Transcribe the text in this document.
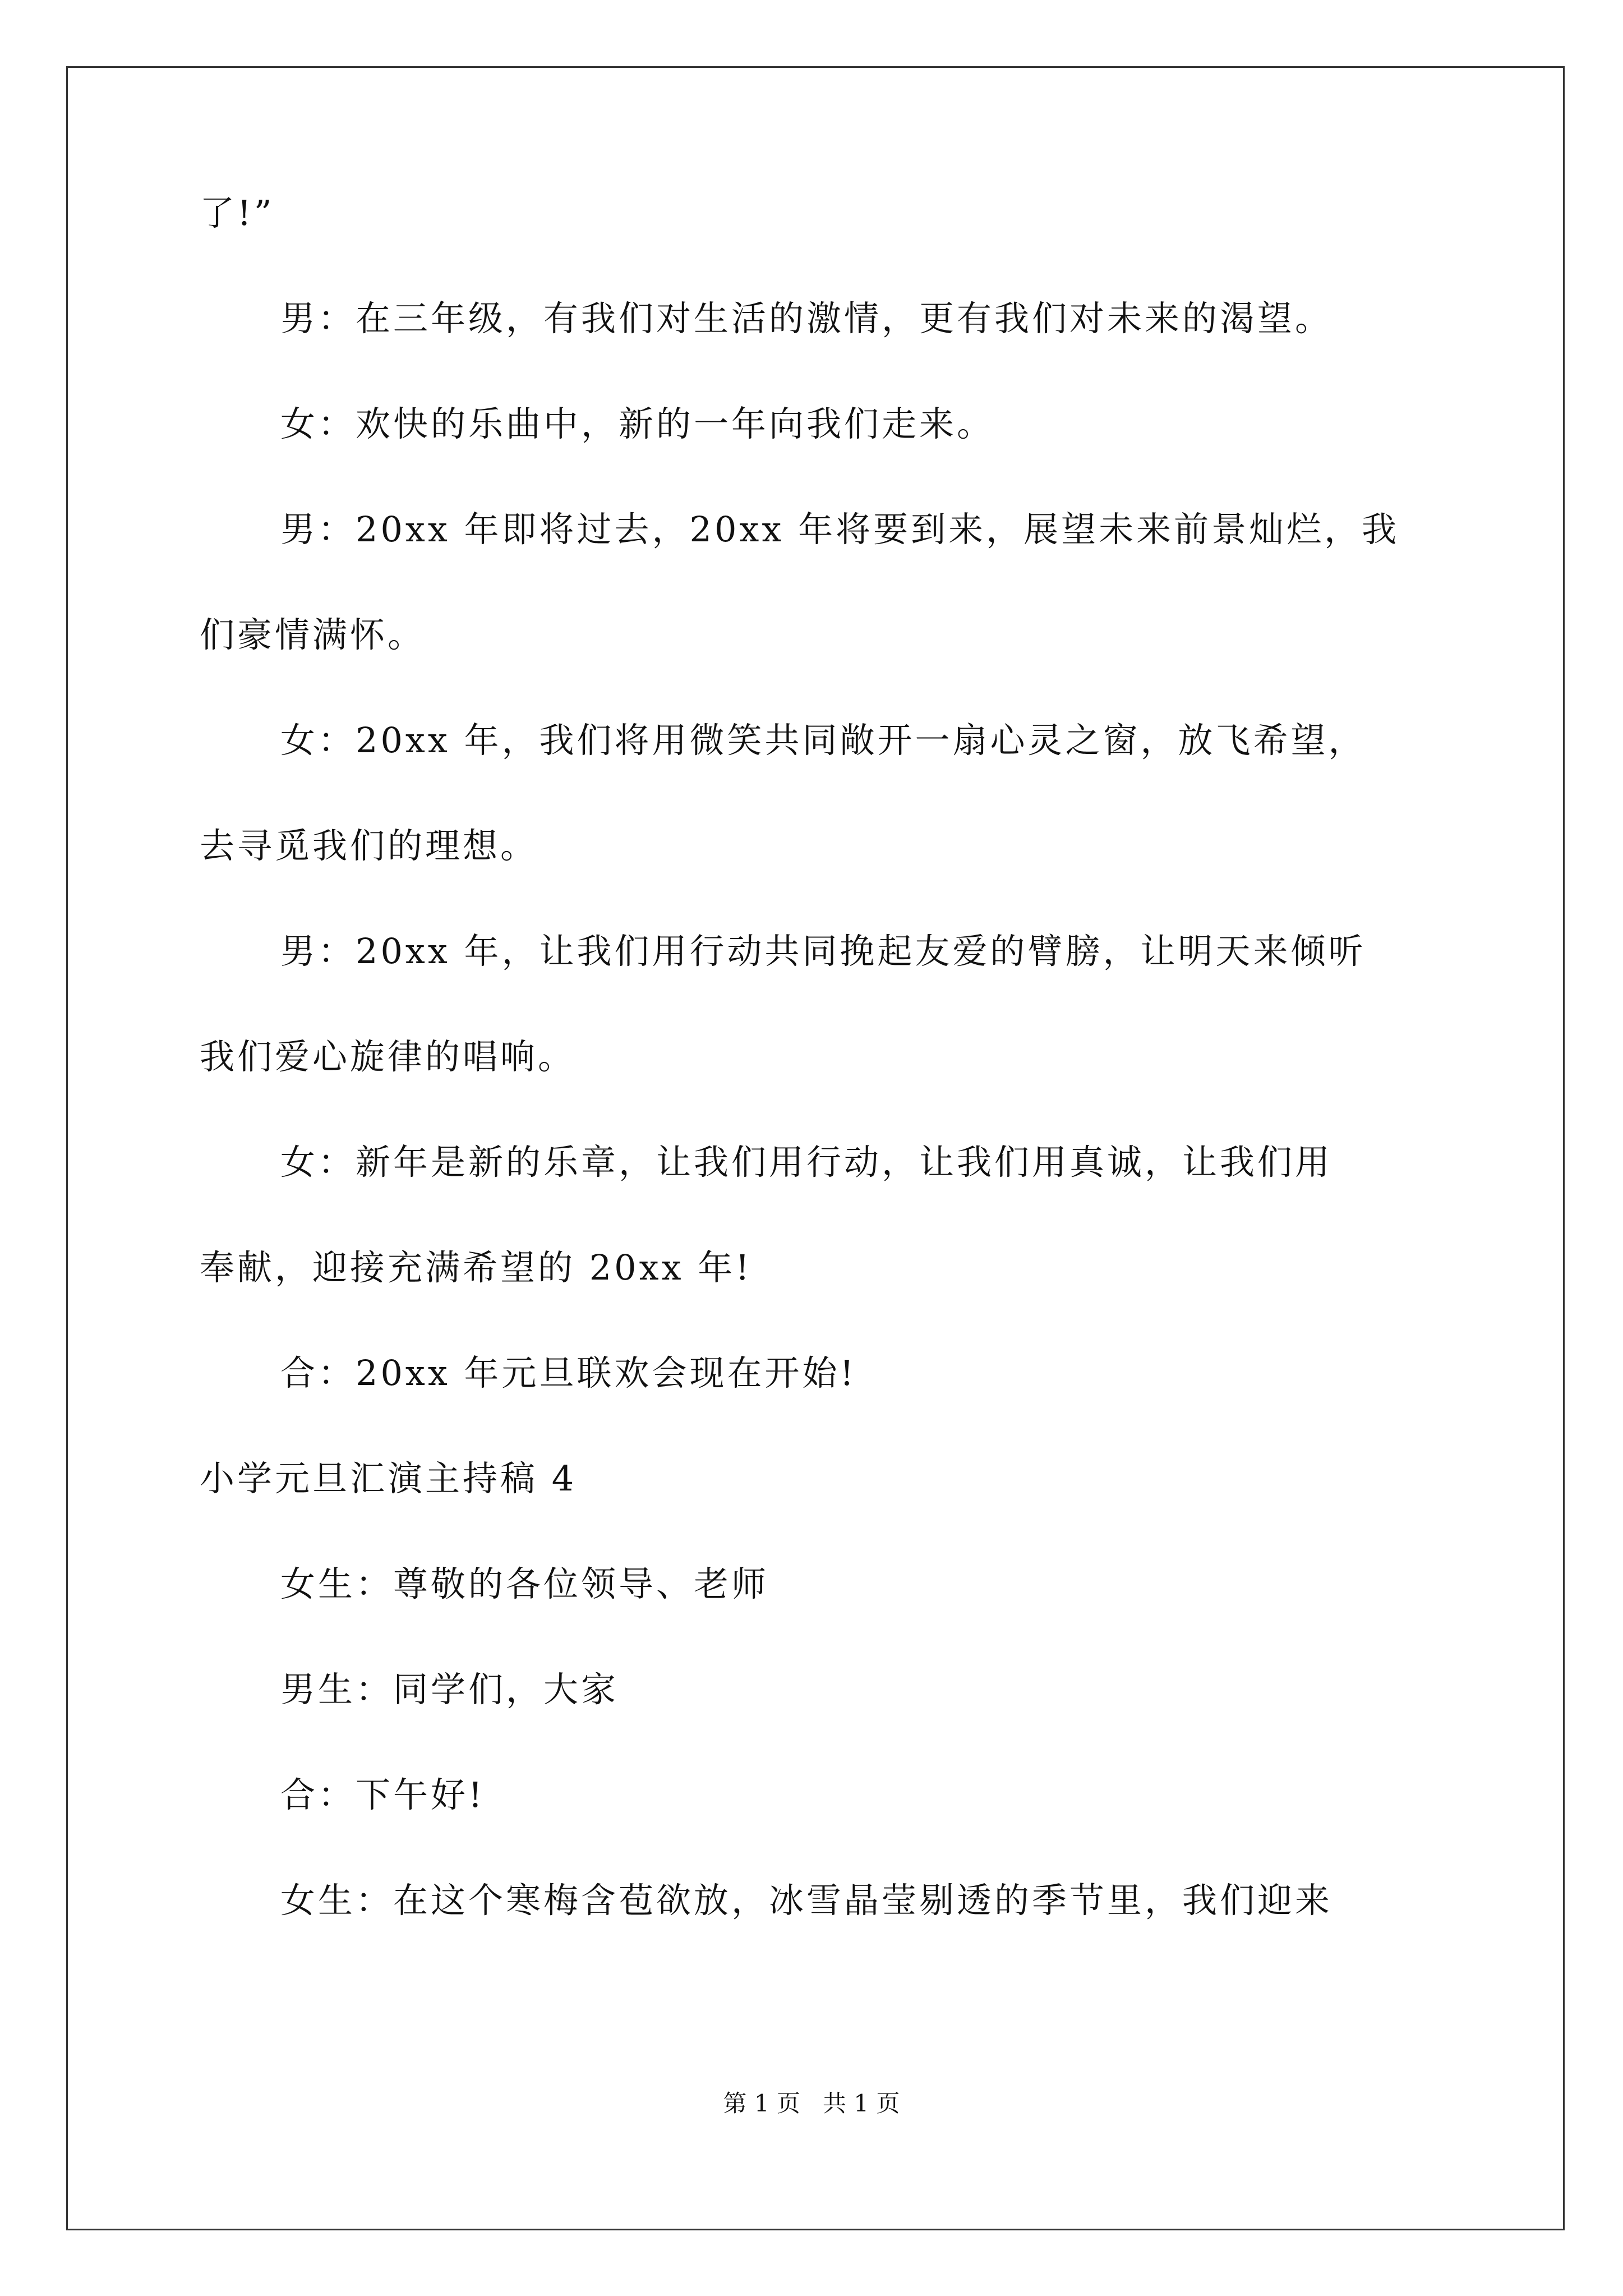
了!”
男：在三年级，有我们对生活的激情，更有我们对未来的渴望。
女：欢快的乐曲中，新的一年向我们走来。
男：20xx 年即将过去，20xx 年将要到来，展望未来前景灿烂，我
们豪情满怀。
女：20xx 年，我们将用微笑共同敞开一扇心灵之窗，放飞希望，
去寻觅我们的理想。
男：20xx 年，让我们用行动共同挽起友爱的臂膀，让明天来倾听
我们爱心旋律的唱响。
女：新年是新的乐章，让我们用行动，让我们用真诚，让我们用
奉献，迎接充满希望的 20xx 年!
合：20xx 年元旦联欢会现在开始!
小学元旦汇演主持稿 4
女生：尊敬的各位领导、老师
男生：同学们，大家
合：下午好!
女生：在这个寒梅含苞欲放，冰雪晶莹剔透的季节里，我们迎来
第 1 页   共 1 页
